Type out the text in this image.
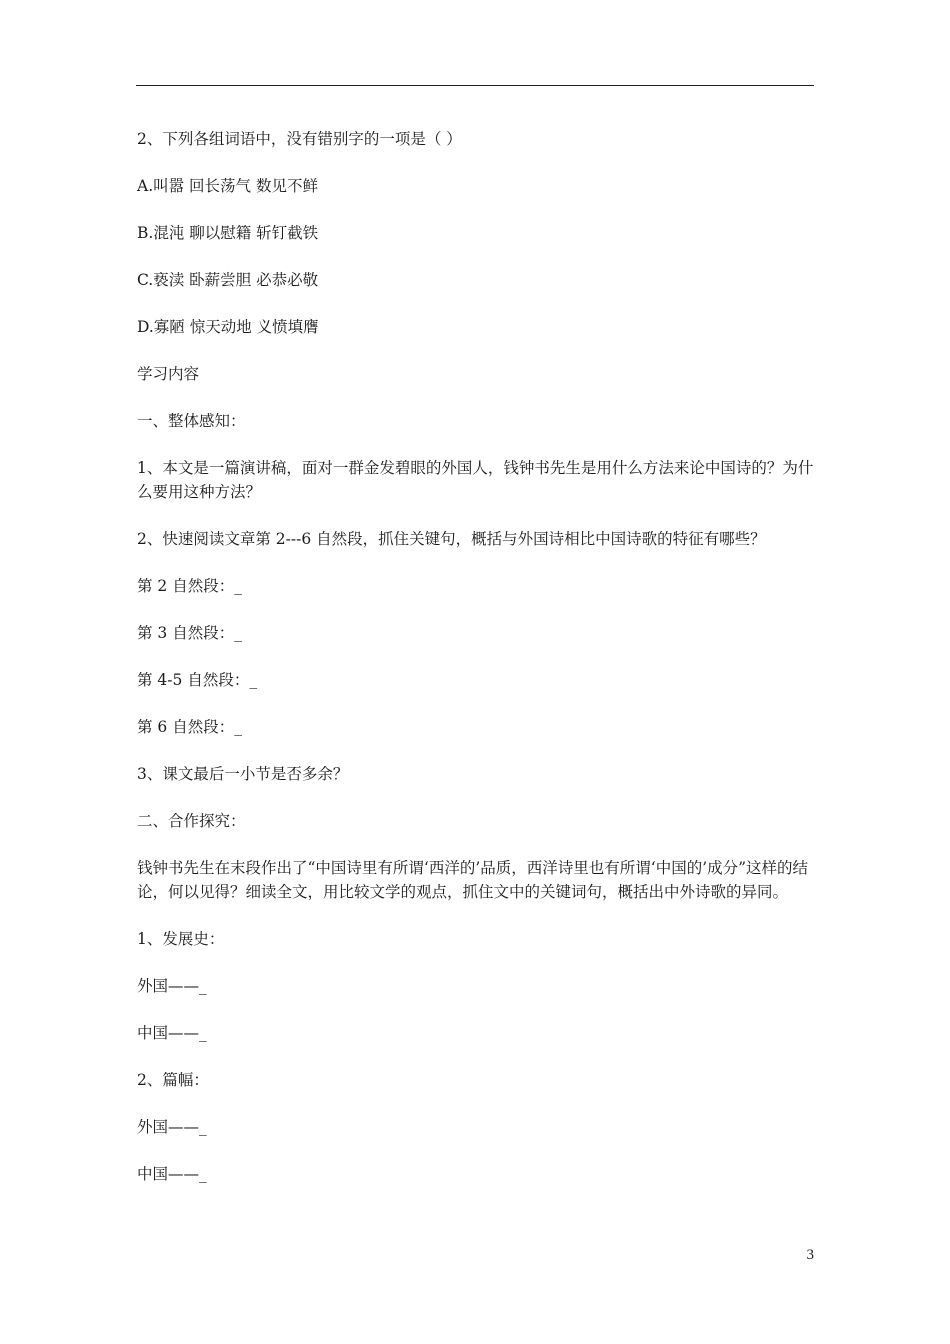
2、下列各组词语中，没有错别字的一项是（ ）

A.叫嚣 回长荡气 数见不鲜

B.混沌 聊以慰籍 斩钉截铁

C.亵渎 卧薪尝胆 必恭必敬

D.寡陋 惊天动地 义愤填膺

学习内容

一、整体感知：

1、本文是一篇演讲稿，面对一群金发碧眼的外国人，钱钟书先生是用什么方法来论中国诗的？为什么要用这种方法？

2、快速阅读文章第 2---6 自然段，抓住关键句，概括与外国诗相比中国诗歌的特征有哪些？

第 2 自然段：_

第 3 自然段：_

第 4-5 自然段：_

第 6 自然段：_

3、课文最后一小节是否多余？

二、合作探究：

钱钟书先生在末段作出了“中国诗里有所谓‘西洋的’品质，西洋诗里也有所谓‘中国的’成分”这样的结论，何以见得？细读全文，用比较文学的观点，抓住文中的关键词句，概括出中外诗歌的异同。

1、发展史：

外国——_

中国——_

2、篇幅：

外国——_

中国——_

3
